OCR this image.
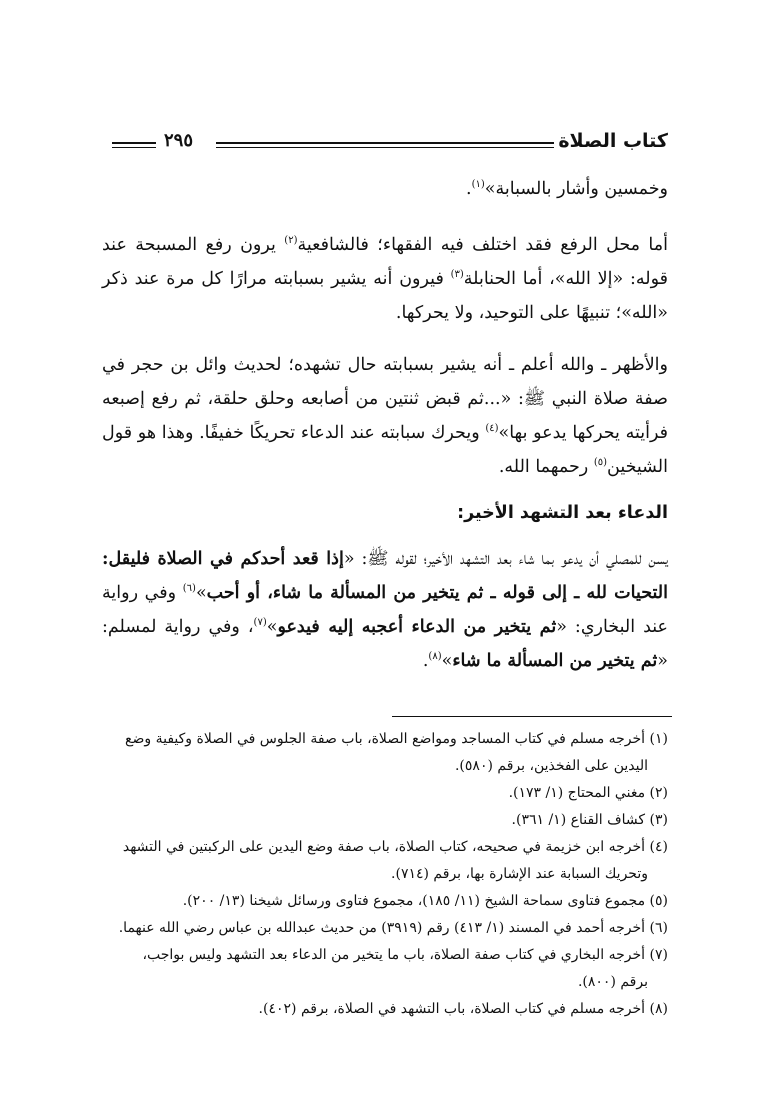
كتاب الصلاة
٢٩٥

وخمسين وأشار بالسبابة»$^{(١)}$.

أما محل الرفع فقد اختلف فيه الفقهاء؛ فالشافعية$^{(٢)}$ يرون رفع المسبحة عند قوله: «إلا الله»، أما الحنابلة$^{(٣)}$ فيرون أنه يشير بسبابته مرارًا كل مرة عند ذكر «الله»؛ تنبيهًا على التوحيد، ولا يحركها.

والأظهر ـ والله أعلم ـ أنه يشير بسبابته حال تشهده؛ لحديث وائل بن حجر في صفة صلاة النبي ﷺ: «...ثم قبض ثنتين من أصابعه وحلق حلقة، ثم رفع إصبعه فرأيته يحركها يدعو بها»$^{(٤)}$ ويحرك سبابته عند الدعاء تحريكًا خفيفًا. وهذا هو قول الشيخين$^{(٥)}$ رحمهما الله.

الدعاء بعد التشهد الأخير:

يسن للمصلي أن يدعو بما شاء بعد التشهد الأخير؛ لقوله ﷺ: «إذا قعد أحدكم في الصلاة فليقل: التحيات لله ـ إلى قوله ـ ثم يتخير من المسألة ما شاء، أو أحب»$^{(٦)}$ وفي رواية عند البخاري: «ثم يتخير من الدعاء أعجبه إليه فيدعو»$^{(٧)}$، وفي رواية لمسلم: «ثم يتخير من المسألة ما شاء»$^{(٨)}$.

(١) أخرجه مسلم في كتاب المساجد ومواضع الصلاة، باب صفة الجلوس في الصلاة وكيفية وضع
اليدين على الفخذين، برقم (٥٨٠).

(٢) مغني المحتاج (١/ ١٧٣).

(٣) كشاف القناع (١/ ٣٦١).

(٤) أخرجه ابن خزيمة في صحيحه، كتاب الصلاة، باب صفة وضع اليدين على الركبتين في التشهد
وتحريك السبابة عند الإشارة بها، برقم (٧١٤).

(٥) مجموع فتاوى سماحة الشيخ (١١/ ١٨٥)، مجموع فتاوى ورسائل شيخنا (١٣/ ٢٠٠).

(٦) أخرجه أحمد في المسند (١/ ٤١٣) رقم (٣٩١٩) من حديث عبدالله بن عباس رضي الله عنهما.

(٧) أخرجه البخاري في كتاب صفة الصلاة، باب ما يتخير من الدعاء بعد التشهد وليس بواجب،
برقم (٨٠٠).

(٨) أخرجه مسلم في كتاب الصلاة، باب التشهد في الصلاة، برقم (٤٠٢).
